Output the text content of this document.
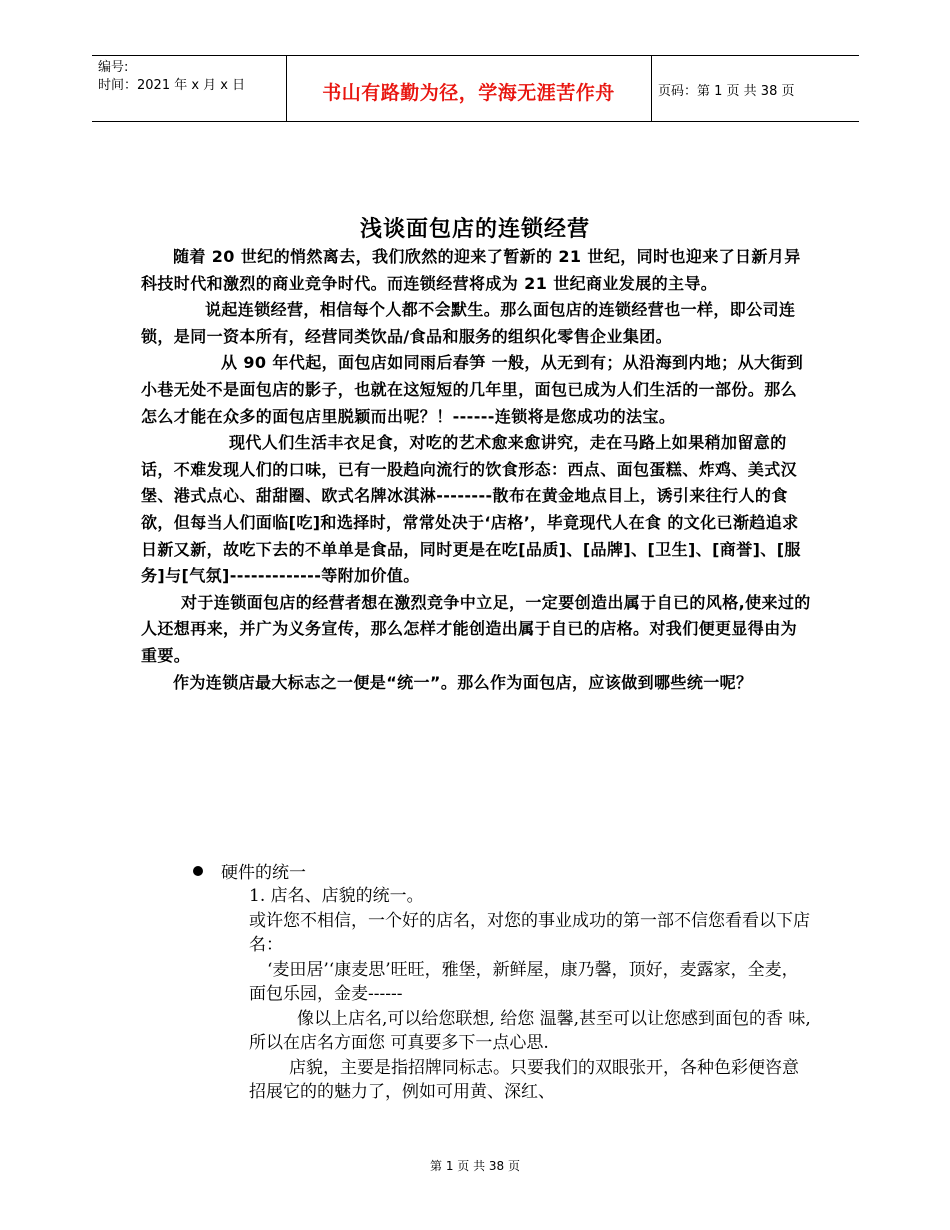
编号:
时间：2021 年 x 月 x 日	书山有路勤为径，学海无涯苦作舟	页码：第 1 页 共 38 页
浅谈面包店的连锁经营

随着 20 世纪的悄然离去，我们欣然的迎来了暂新的 21 世纪，同时也迎来了日新月异科技时代和激烈的商业竞争时代。而连锁经营将成为 21 世纪商业发展的主导。

说起连锁经营，相信每个人都不会默生。那么面包店的连锁经营也一样，即公司连锁，是同一资本所有，经营同类饮品/食品和服务的组织化零售企业集团。

从 90 年代起，面包店如同雨后春笋 一般，从无到有；从沿海到内地；从大街到小巷无处不是面包店的影子，也就在这短短的几年里，面包已成为人们生活的一部份。那么怎么才能在众多的面包店里脱颖而出呢？！------连锁将是您成功的法宝。

现代人们生活丰衣足食，对吃的艺术愈来愈讲究，走在马路上如果稍加留意的话，不难发现人们的口味，已有一股趋向流行的饮食形态：西点、面包蛋糕、炸鸡、美式汉堡、港式点心、甜甜圈、欧式名牌冰淇淋--------散布在黄金地点目上，诱引来往行人的食欲，但每当人们面临[吃]和选择时，常常处决于‘店格’，毕竟现代人在食 的文化已渐趋追求日新又新，故吃下去的不单单是食品，同时更是在吃[品质]、[品牌]、[卫生]、[商誉]、[服务]与[气氛]-------------等附加价值。

对于连锁面包店的经营者想在激烈竞争中立足，一定要创造出属于自已的风格,使来过的人还想再来，并广为义务宣传，那么怎样才能创造出属于自已的店格。对我们便更显得由为重要。

作为连锁店最大标志之一便是“统一”。那么作为面包店，应该做到哪些统一呢？

硬件的统一

1. 店名、店貌的统一。

或许您不相信，一个好的店名，对您的事业成功的第一部不信您看看以下店名：

‘麦田居’‘康麦思’旺旺，雅堡，新鲜屋，康乃馨，顶好，麦露家，全麦，面包乐园，金麦------

像以上店名,可以给您联想, 给您 温馨,甚至可以让您感到面包的香 味,所以在店名方面您 可真要多下一点心思.

店貌，主要是指招牌同标志。只要我们的双眼张开，各种色彩便咨意招展它的的魅力了，例如可用黄、深红、

第 1 页 共 38 页
